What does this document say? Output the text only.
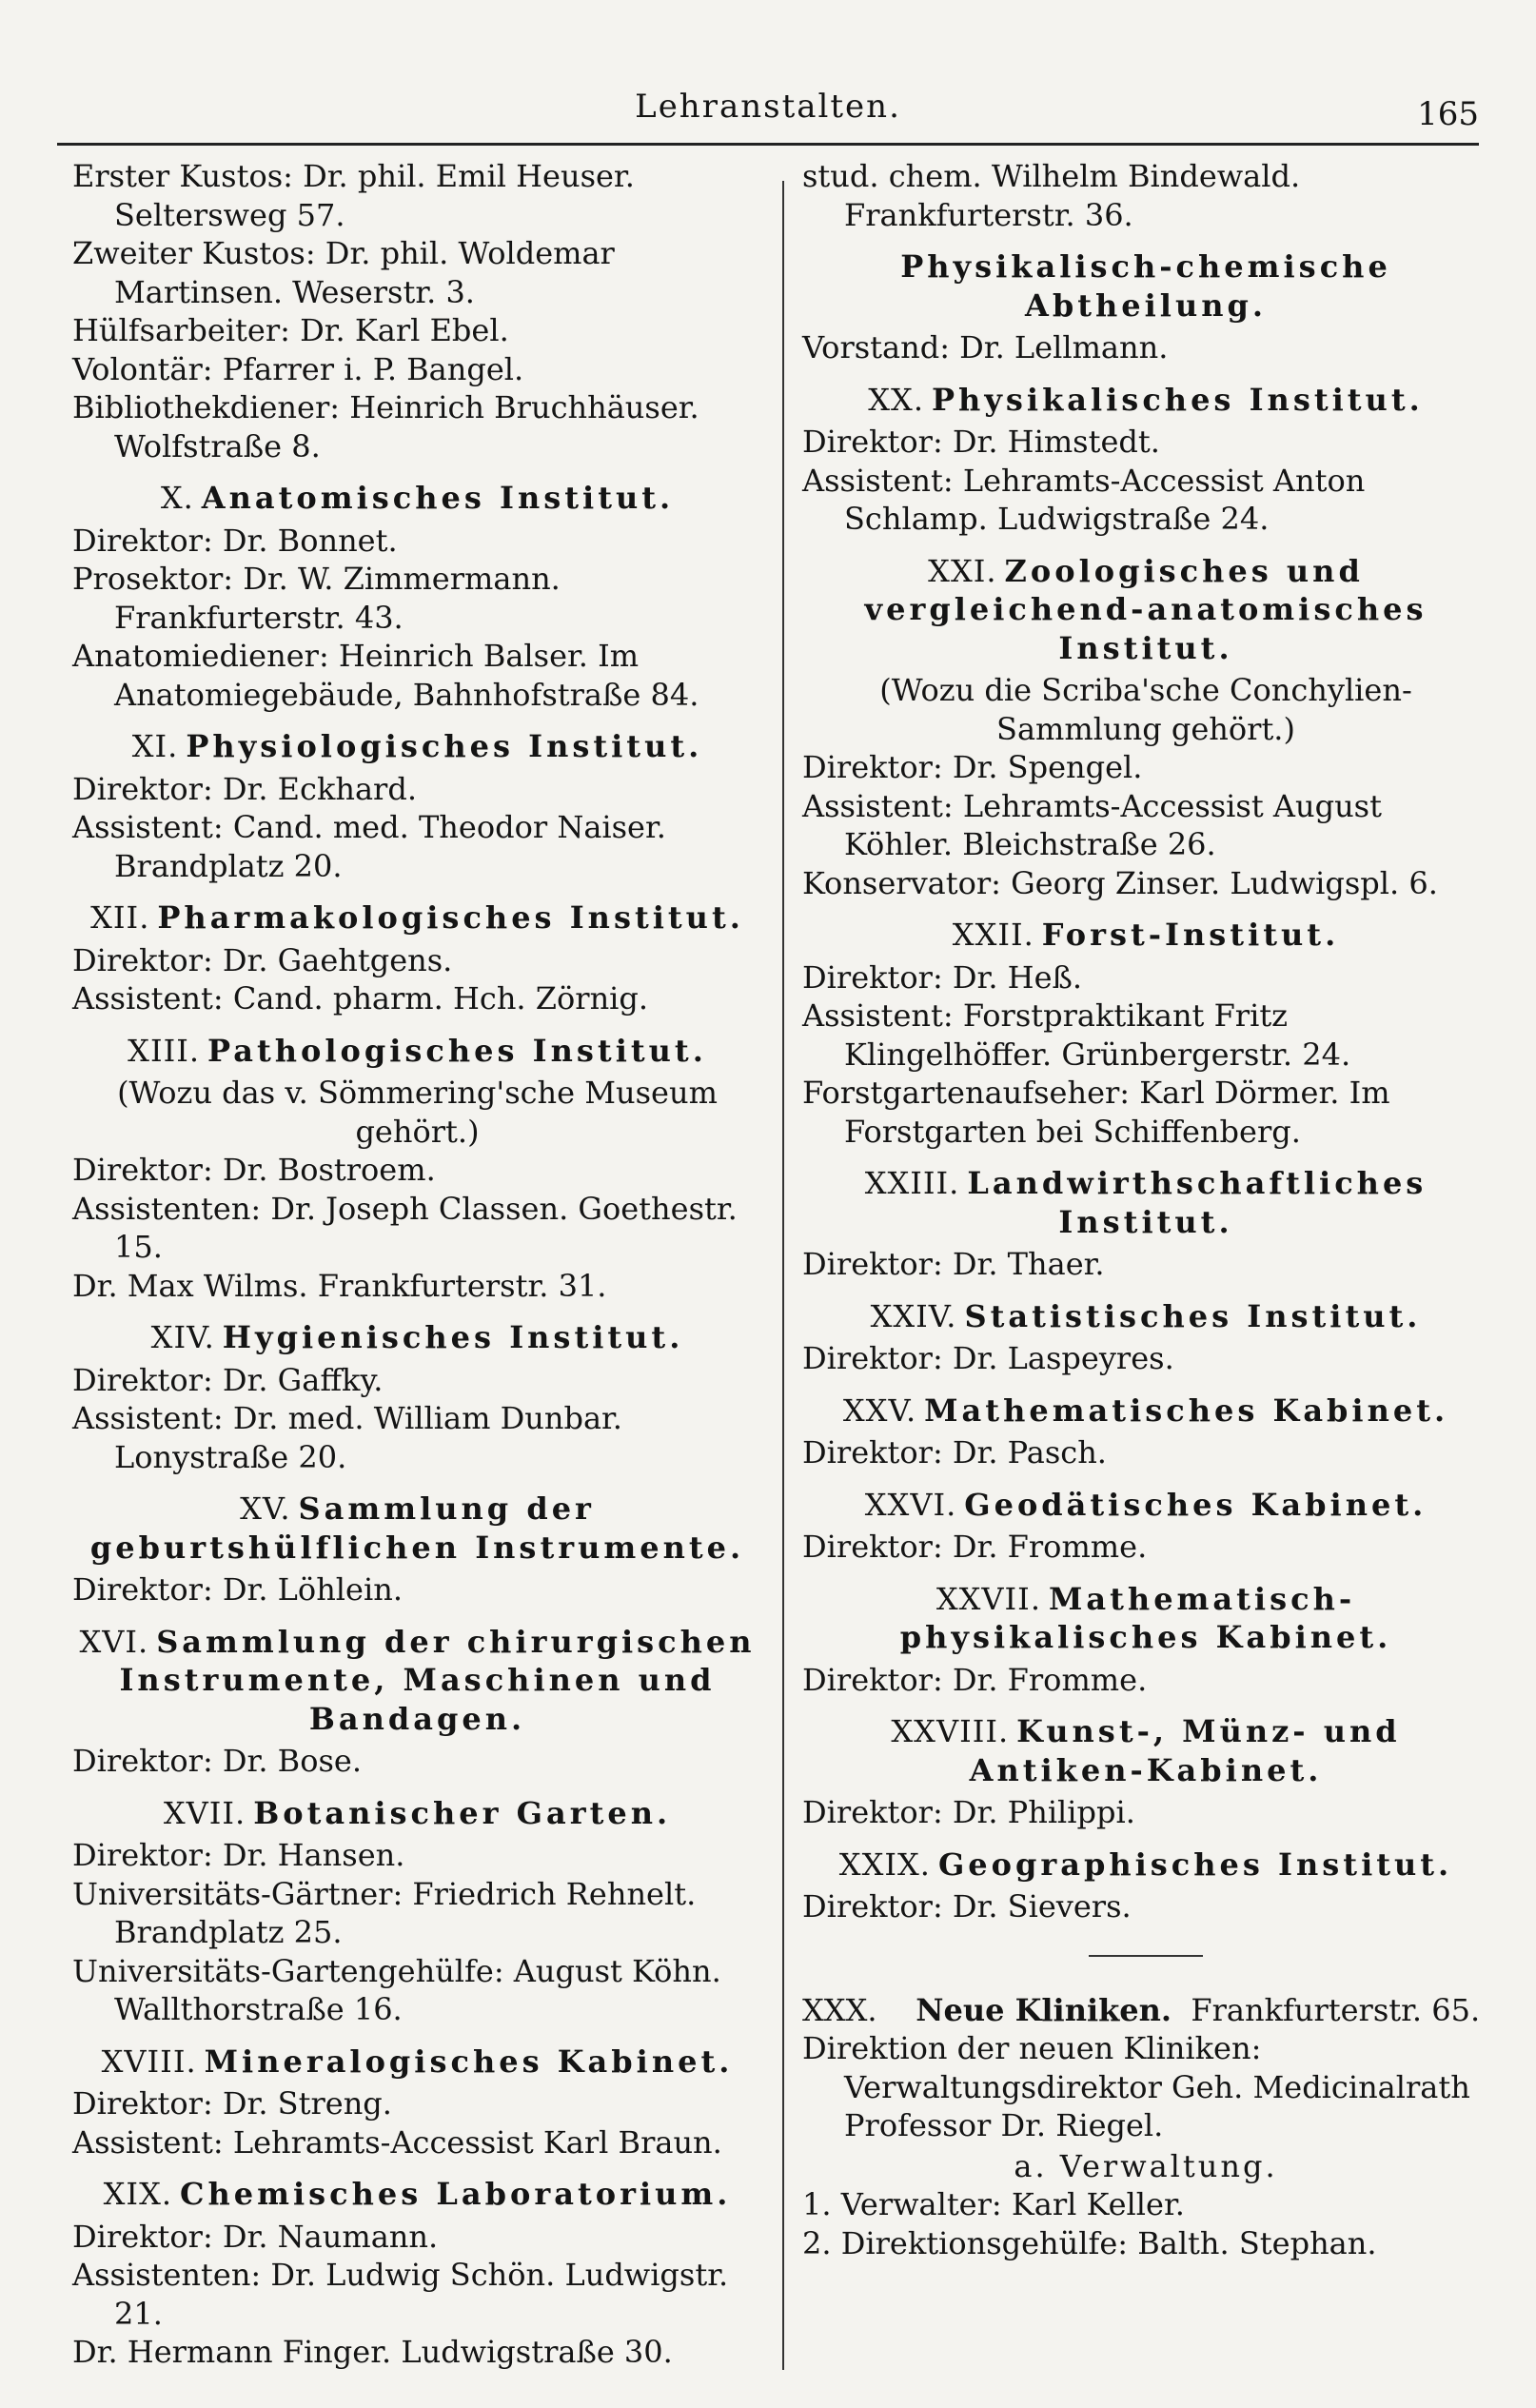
Lehranstalten.	165

Erster Kustos: Dr. phil. Emil Heuser. Seltersweg 57.

Zweiter Kustos: Dr. phil. Woldemar Martinsen. Weserstr. 3.

Hülfsarbeiter: Dr. Karl Ebel.

Volontär: Pfarrer i. P. Bangel.

Bibliothekdiener: Heinrich Bruchhäuser. Wolfstraße 8.

X. Anatomisches Institut.

Direktor: Dr. Bonnet.

Prosektor: Dr. W. Zimmermann. Frankfurterstr. 43.

Anatomiediener: Heinrich Balser. Im Anatomiegebäude, Bahnhofstraße 84.

XI. Physiologisches Institut.

Direktor: Dr. Eckhard.

Assistent: Cand. med. Theodor Naiser. Brandplatz 20.

XII. Pharmakologisches Institut.

Direktor: Dr. Gaehtgens.

Assistent: Cand. pharm. Hch. Zörnig.

XIII. Pathologisches Institut.
(Wozu das v. Sömmering'sche Museum gehört.)

Direktor: Dr. Bostroem.

Assistenten: Dr. Joseph Classen. Goethestr. 15.

Dr. Max Wilms. Frankfurterstr. 31.

XIV. Hygienisches Institut.

Direktor: Dr. Gaffky.

Assistent: Dr. med. William Dunbar. Lonystraße 20.

XV. Sammlung der geburtshülflichen Instrumente.

Direktor: Dr. Löhlein.

XVI. Sammlung der chirurgischen Instrumente, Maschinen und Bandagen.

Direktor: Dr. Bose.

XVII. Botanischer Garten.

Direktor: Dr. Hansen.

Universitäts-Gärtner: Friedrich Rehnelt. Brandplatz 25.

Universitäts-Gartengehülfe: August Köhn. Wallthorstraße 16.

XVIII. Mineralogisches Kabinet.

Direktor: Dr. Streng.

Assistent: Lehramts-Accessist Karl Braun.

XIX. Chemisches Laboratorium.

Direktor: Dr. Naumann.

Assistenten: Dr. Ludwig Schön. Ludwigstr. 21.

Dr. Hermann Finger. Ludwigstraße 30.

stud. chem. Wilhelm Bindewald. Frankfurterstr. 36.

Physikalisch-chemische Abtheilung.

Vorstand: Dr. Lellmann.

XX. Physikalisches Institut.

Direktor: Dr. Himstedt.

Assistent: Lehramts-Accessist Anton Schlamp. Ludwigstraße 24.

XXI. Zoologisches und vergleichend-anatomisches Institut.
(Wozu die Scriba'sche Conchylien-Sammlung gehört.)

Direktor: Dr. Spengel.

Assistent: Lehramts-Accessist August Köhler. Bleichstraße 26.

Konservator: Georg Zinser. Ludwigspl. 6.

XXII. Forst-Institut.

Direktor: Dr. Heß.

Assistent: Forstpraktikant Fritz Klingelhöffer. Grünbergerstr. 24.

Forstgartenaufseher: Karl Dörmer. Im Forstgarten bei Schiffenberg.

XXIII. Landwirthschaftliches Institut.

Direktor: Dr. Thaer.

XXIV. Statistisches Institut.

Direktor: Dr. Laspeyres.

XXV. Mathematisches Kabinet.

Direktor: Dr. Pasch.

XXVI. Geodätisches Kabinet.

Direktor: Dr. Fromme.

XXVII. Mathematisch-physikalisches Kabinet.

Direktor: Dr. Fromme.

XXVIII. Kunst-, Münz- und Antiken-Kabinet.

Direktor: Dr. Philippi.

XXIX. Geographisches Institut.

Direktor: Dr. Sievers.

XXX. Neue Kliniken. Frankfurterstr. 65.

Direktion der neuen Kliniken: Verwaltungsdirektor Geh. Medicinalrath Professor Dr. Riegel.

a. Verwaltung.

1. Verwalter: Karl Keller.

2. Direktionsgehülfe: Balth. Stephan.
